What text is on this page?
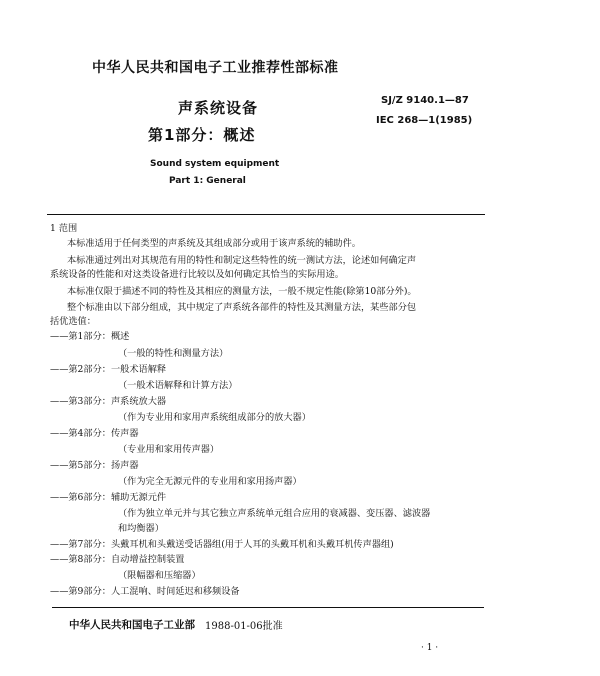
中华人民共和国电子工业推荐性部标准
声系统设备
第1部分：概述
SJ/Z 9140.1—87
IEC 268—1(1985)
Sound system equipment
Part 1: General
1 范围
本标准适用于任何类型的声系统及其组成部分或用于该声系统的辅助件。
本标准通过列出对其规范有用的特性和制定这些特性的统一测试方法，论述如何确定声
系统设备的性能和对这类设备进行比较以及如何确定其恰当的实际用途。
本标准仅限于描述不同的特性及其相应的测量方法，一般不规定性能(除第10部分外)。
整个标准由以下部分组成，其中规定了声系统各部件的特性及其测量方法，某些部分包
括优选值：
——第1部分：概述
（一般的特性和测量方法）
——第2部分：一般术语解释
（一般术语解释和计算方法）
——第3部分：声系统放大器
（作为专业用和家用声系统组成部分的放大器）
——第4部分：传声器
（专业用和家用传声器）
——第5部分：扬声器
（作为完全无源元件的专业用和家用扬声器）
——第6部分：辅助无源元件
（作为独立单元并与其它独立声系统单元组合应用的衰减器、变压器、滤波器
和均衡器）
——第7部分：头戴耳机和头戴送受话器组(用于人耳的头戴耳机和头戴耳机传声器组)
——第8部分：自动增益控制装置
（限幅器和压缩器）
——第9部分：人工混响、时间延迟和移频设备
中华人民共和国电子工业部 1988-01-06批准
· 1 ·
